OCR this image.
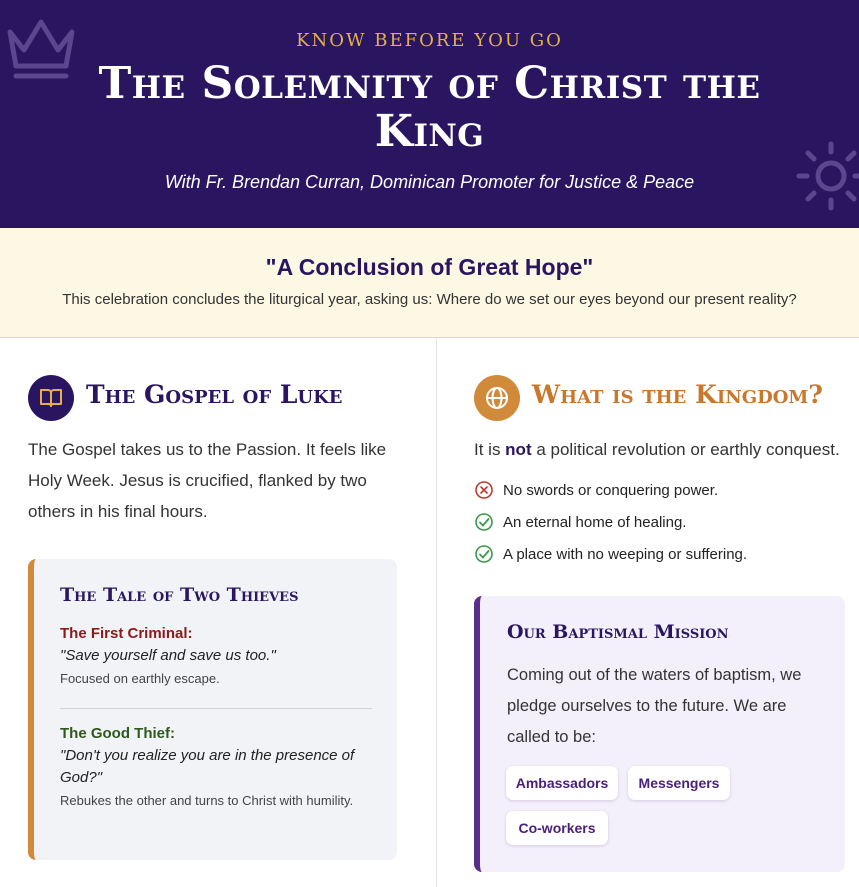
KNOW BEFORE YOU GO
The Solemnity of Christ the King
With Fr. Brendan Curran, Dominican Promoter for Justice & Peace
"A Conclusion of Great Hope"
This celebration concludes the liturgical year, asking us: Where do we set our eyes beyond our present reality?
The Gospel of Luke
The Gospel takes us to the Passion. It feels like Holy Week. Jesus is crucified, flanked by two others in his final hours.
The Tale of Two Thieves
The First Criminal:
"Save yourself and save us too."
Focused on earthly escape.
The Good Thief:
"Don't you realize you are in the presence of God?"
Rebukes the other and turns to Christ with humility.
What is the Kingdom?
It is not a political revolution or earthly conquest.
No swords or conquering power.
An eternal home of healing.
A place with no weeping or suffering.
Our Baptismal Mission
Coming out of the waters of baptism, we pledge ourselves to the future. We are called to be:
Ambassadors	Messengers
Co-workers
